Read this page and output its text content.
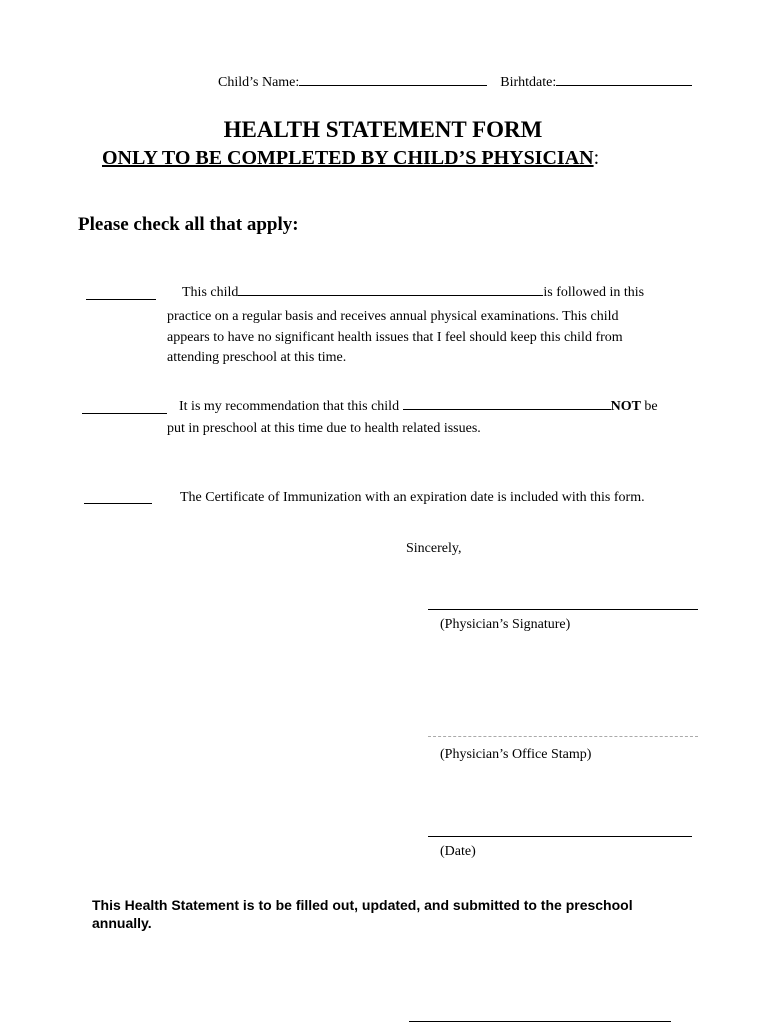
Child’s Name:	Birhtdate:
HEALTH STATEMENT FORM
ONLY TO BE COMPLETED BY CHILD’S PHYSICIAN:
Please check all that apply:
This child	is followed in this
practice on a regular basis and receives annual physical examinations. This child
appears to have no significant health issues that I feel should keep this child from
attending preschool at this time.
It is my recommendation that this child	NOT be
put in preschool at this time due to health related issues.
The Certificate of Immunization with an expiration date is included with this form.
Sincerely,
(Physician’s Signature)
(Physician’s Office Stamp)
(Date)
This Health Statement is to be filled out, updated, and submitted to the preschool annually.
